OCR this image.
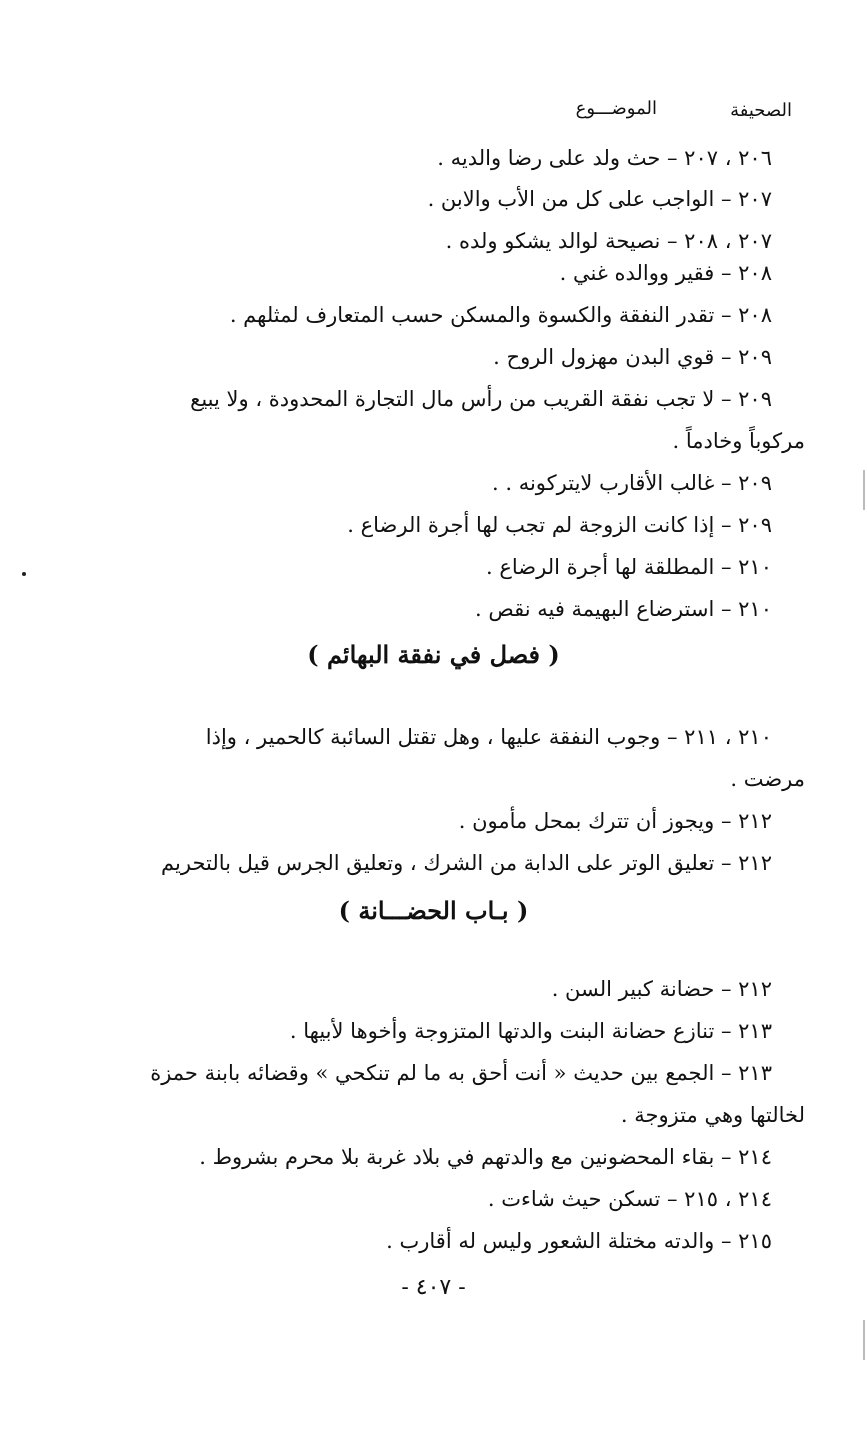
الصحيفة
الموضـــوع
٢٠٦ ، ٢٠٧ – حث ولد على رضا والديه .
٢٠٧ – الواجب على كل من الأب والابن .
٢٠٧ ، ٢٠٨ – نصيحة لوالد يشكو ولده .
٢٠٨ – فقير ووالده غني .
٢٠٨ – تقدر النفقة والكسوة والمسكن حسب المتعارف لمثلهم .
٢٠٩ – قوي البدن مهزول الروح .
٢٠٩ – لا تجب نفقة القريب من رأس مال التجارة المحدودة ، ولا يبيع
مركوباً وخادماً .
٢٠٩ – غالب الأقارب لايتركونه . .
٢٠٩ – إذا كانت الزوجة لم تجب لها أجرة الرضاع .
٢١٠ – المطلقة لها أجرة الرضاع .
٢١٠ – استرضاع البهيمة فيه نقص .
( فصل في نفقة البهائم )
٢١٠ ، ٢١١ – وجوب النفقة عليها ، وهل تقتل السائبة كالحمير ، وإذا
مرضت .
٢١٢ – ويجوز أن تترك بمحل مأمون .
٢١٢ – تعليق الوتر على الدابة من الشرك ، وتعليق الجرس قيل بالتحريم
( بـاب الحضـــانة )
٢١٢ – حضانة كبير السن .
٢١٣ – تنازع حضانة البنت والدتها المتزوجة وأخوها لأبيها .
٢١٣ – الجمع بين حديث « أنت أحق به ما لم تنكحي » وقضائه بابنة حمزة
لخالتها وهي متزوجة .
٢١٤ – بقاء المحضونين مع والدتهم في بلاد غربة بلا محرم بشروط .
٢١٤ ، ٢١٥ – تسكن حيث شاءت .
٢١٥ – والدته مختلة الشعور وليس له أقارب .
- ٤٠٧ -
